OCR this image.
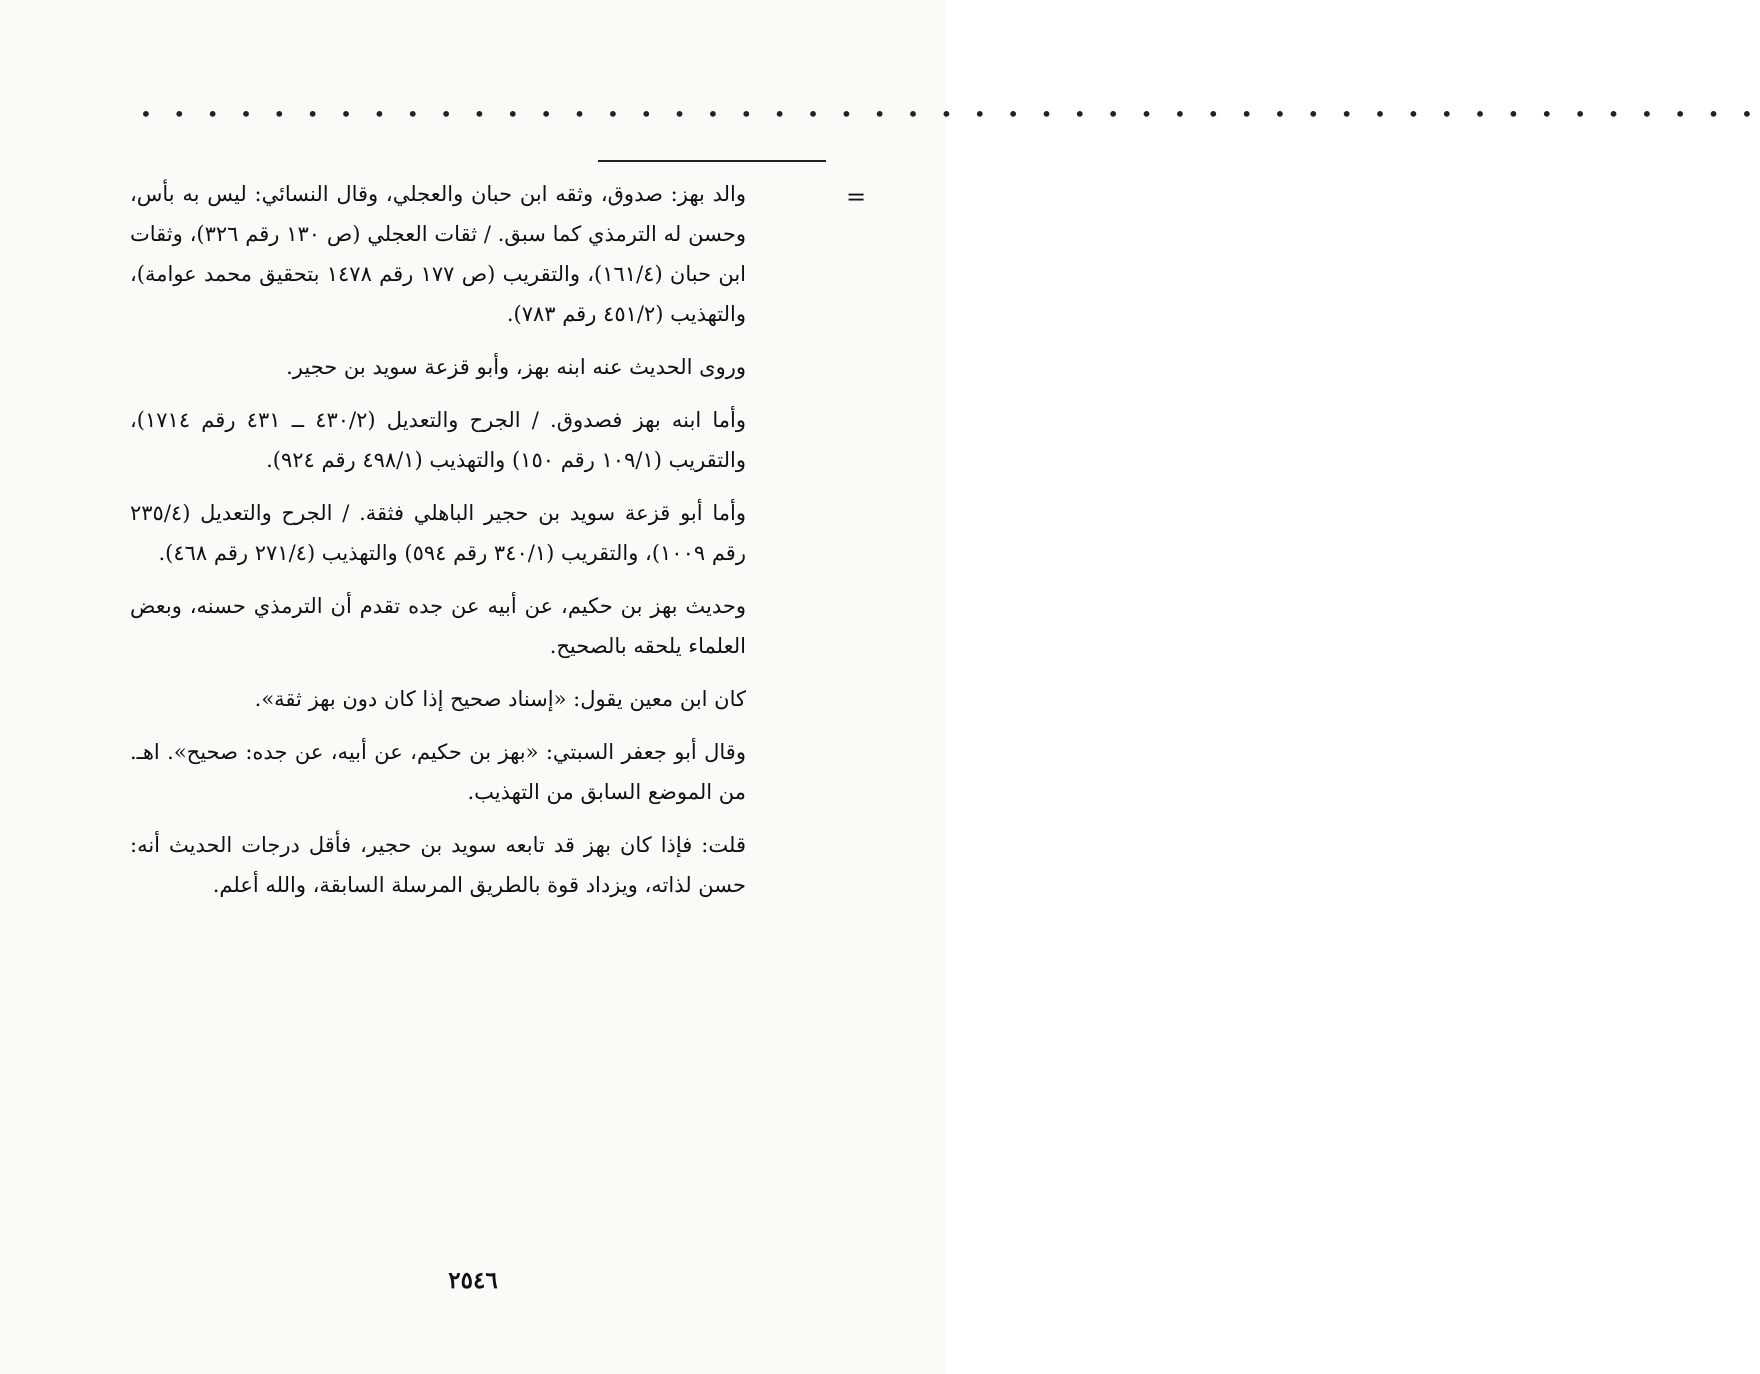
• • • • • • • • • • • • • • • • • • • • • • • • • • • • • • • • • • • • • • • • • • • • • • • • •
=

والد بهز: صدوق، وثقه ابن حبان والعجلي، وقال النسائي: ليس به بأس، وحسن له الترمذي كما سبق. / ثقات العجلي (ص ١٣٠ رقم ٣٢٦)، وثقات ابن حبان (١٦١/٤)، والتقريب (ص ١٧٧ رقم ١٤٧٨ بتحقيق محمد عوامة)، والتهذيب (٤٥١/٢ رقم ٧٨٣).

وروى الحديث عنه ابنه بهز، وأبو قزعة سويد بن حجير.

وأما ابنه بهز فصدوق. / الجرح والتعديل (٤٣٠/٢ ــ ٤٣١ رقم ١٧١٤)، والتقريب (١٠٩/١ رقم ١٥٠) والتهذيب (٤٩٨/١ رقم ٩٢٤).

وأما أبو قزعة سويد بن حجير الباهلي فثقة. / الجرح والتعديل (٢٣٥/٤ رقم ١٠٠٩)، والتقريب (٣٤٠/١ رقم ٥٩٤) والتهذيب (٢٧١/٤ رقم ٤٦٨).

وحديث بهز بن حكيم، عن أبيه عن جده تقدم أن الترمذي حسنه، وبعض العلماء يلحقه بالصحيح.

كان ابن معين يقول: «إسناد صحيح إذا كان دون بهز ثقة».

وقال أبو جعفر السبتي: «بهز بن حكيم، عن أبيه، عن جده: صحيح». اهـ. من الموضع السابق من التهذيب.

قلت: فإذا كان بهز قد تابعه سويد بن حجير، فأقل درجات الحديث أنه: حسن لذاته، ويزداد قوة بالطريق المرسلة السابقة، والله أعلم.

٢٥٤٦
